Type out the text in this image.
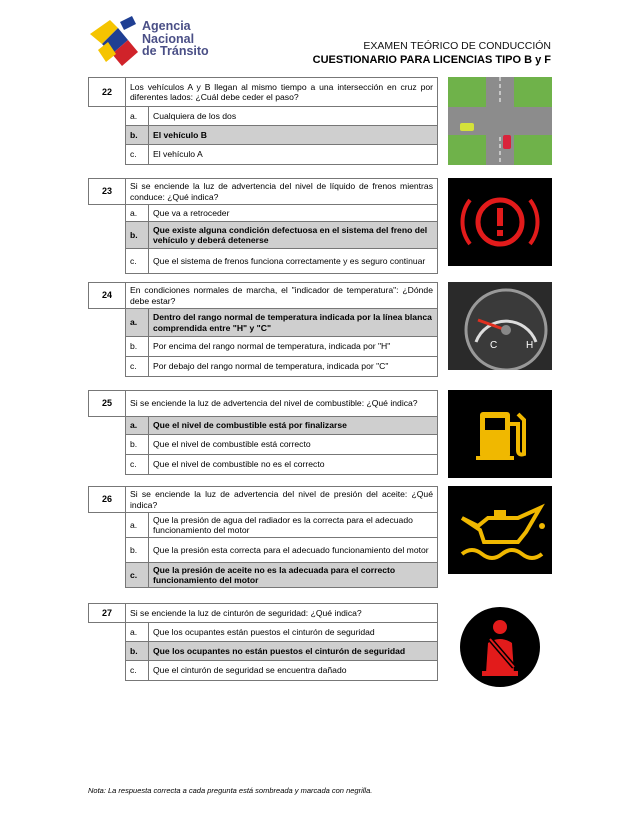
Agencia
Nacional
de Tránsito	EXAMEN TEÓRICO DE CONDUCCIÓN
CUESTIONARIO PARA LICENCIAS TIPO B y F
22	Los vehículos A y B llegan al mismo tiempo a una intersección en cruz por diferentes lados: ¿Cuál debe ceder el paso?	
	a.	Cualquiera de los dos
	b.	El vehículo B
	c.	El vehículo A
23	Si se enciende la luz de advertencia del nivel de líquido de frenos mientras conduce: ¿Qué indica?	
	a.	Que va a retroceder
	b.	Que existe alguna condición defectuosa en el sistema del freno del vehículo y deberá detenerse
	c.	Que el sistema de frenos funciona correctamente y es seguro continuar
24	En condiciones normales de marcha, el "indicador de temperatura": ¿Dónde debe estar?	
	a.	Dentro del rango normal de temperatura indicada por la línea blanca comprendida entre "H" y "C"
	b.	Por encima del rango normal de temperatura, indicada por "H"
	c.	Por debajo del rango normal de temperatura, indicada por "C"
C	H
25	Si se enciende la luz de advertencia del nivel de combustible: ¿Qué indica?	
	a.	Que el nivel de combustible está por finalizarse
	b.	Que el nivel de combustible está correcto
	c.	Que el nivel de combustible no es el correcto
26	Si se enciende la luz de advertencia del nivel de presión del aceite: ¿Qué indica?	
	a.	Que la presión de agua del radiador es la correcta para el adecuado funcionamiento del motor
	b.	Que la presión esta correcta para el adecuado funcionamiento del motor
	c.	Que la presión de aceite no es la adecuada para el correcto funcionamiento del motor
27	Si se enciende la luz de cinturón de seguridad: ¿Qué indica?	
	a.	Que los ocupantes están puestos el cinturón de seguridad
	b.	Que los ocupantes no están puestos el cinturón de seguridad
	c.	Que el cinturón de seguridad se encuentra dañado
Nota: La respuesta correcta a cada pregunta está sombreada y marcada con negrilla.
